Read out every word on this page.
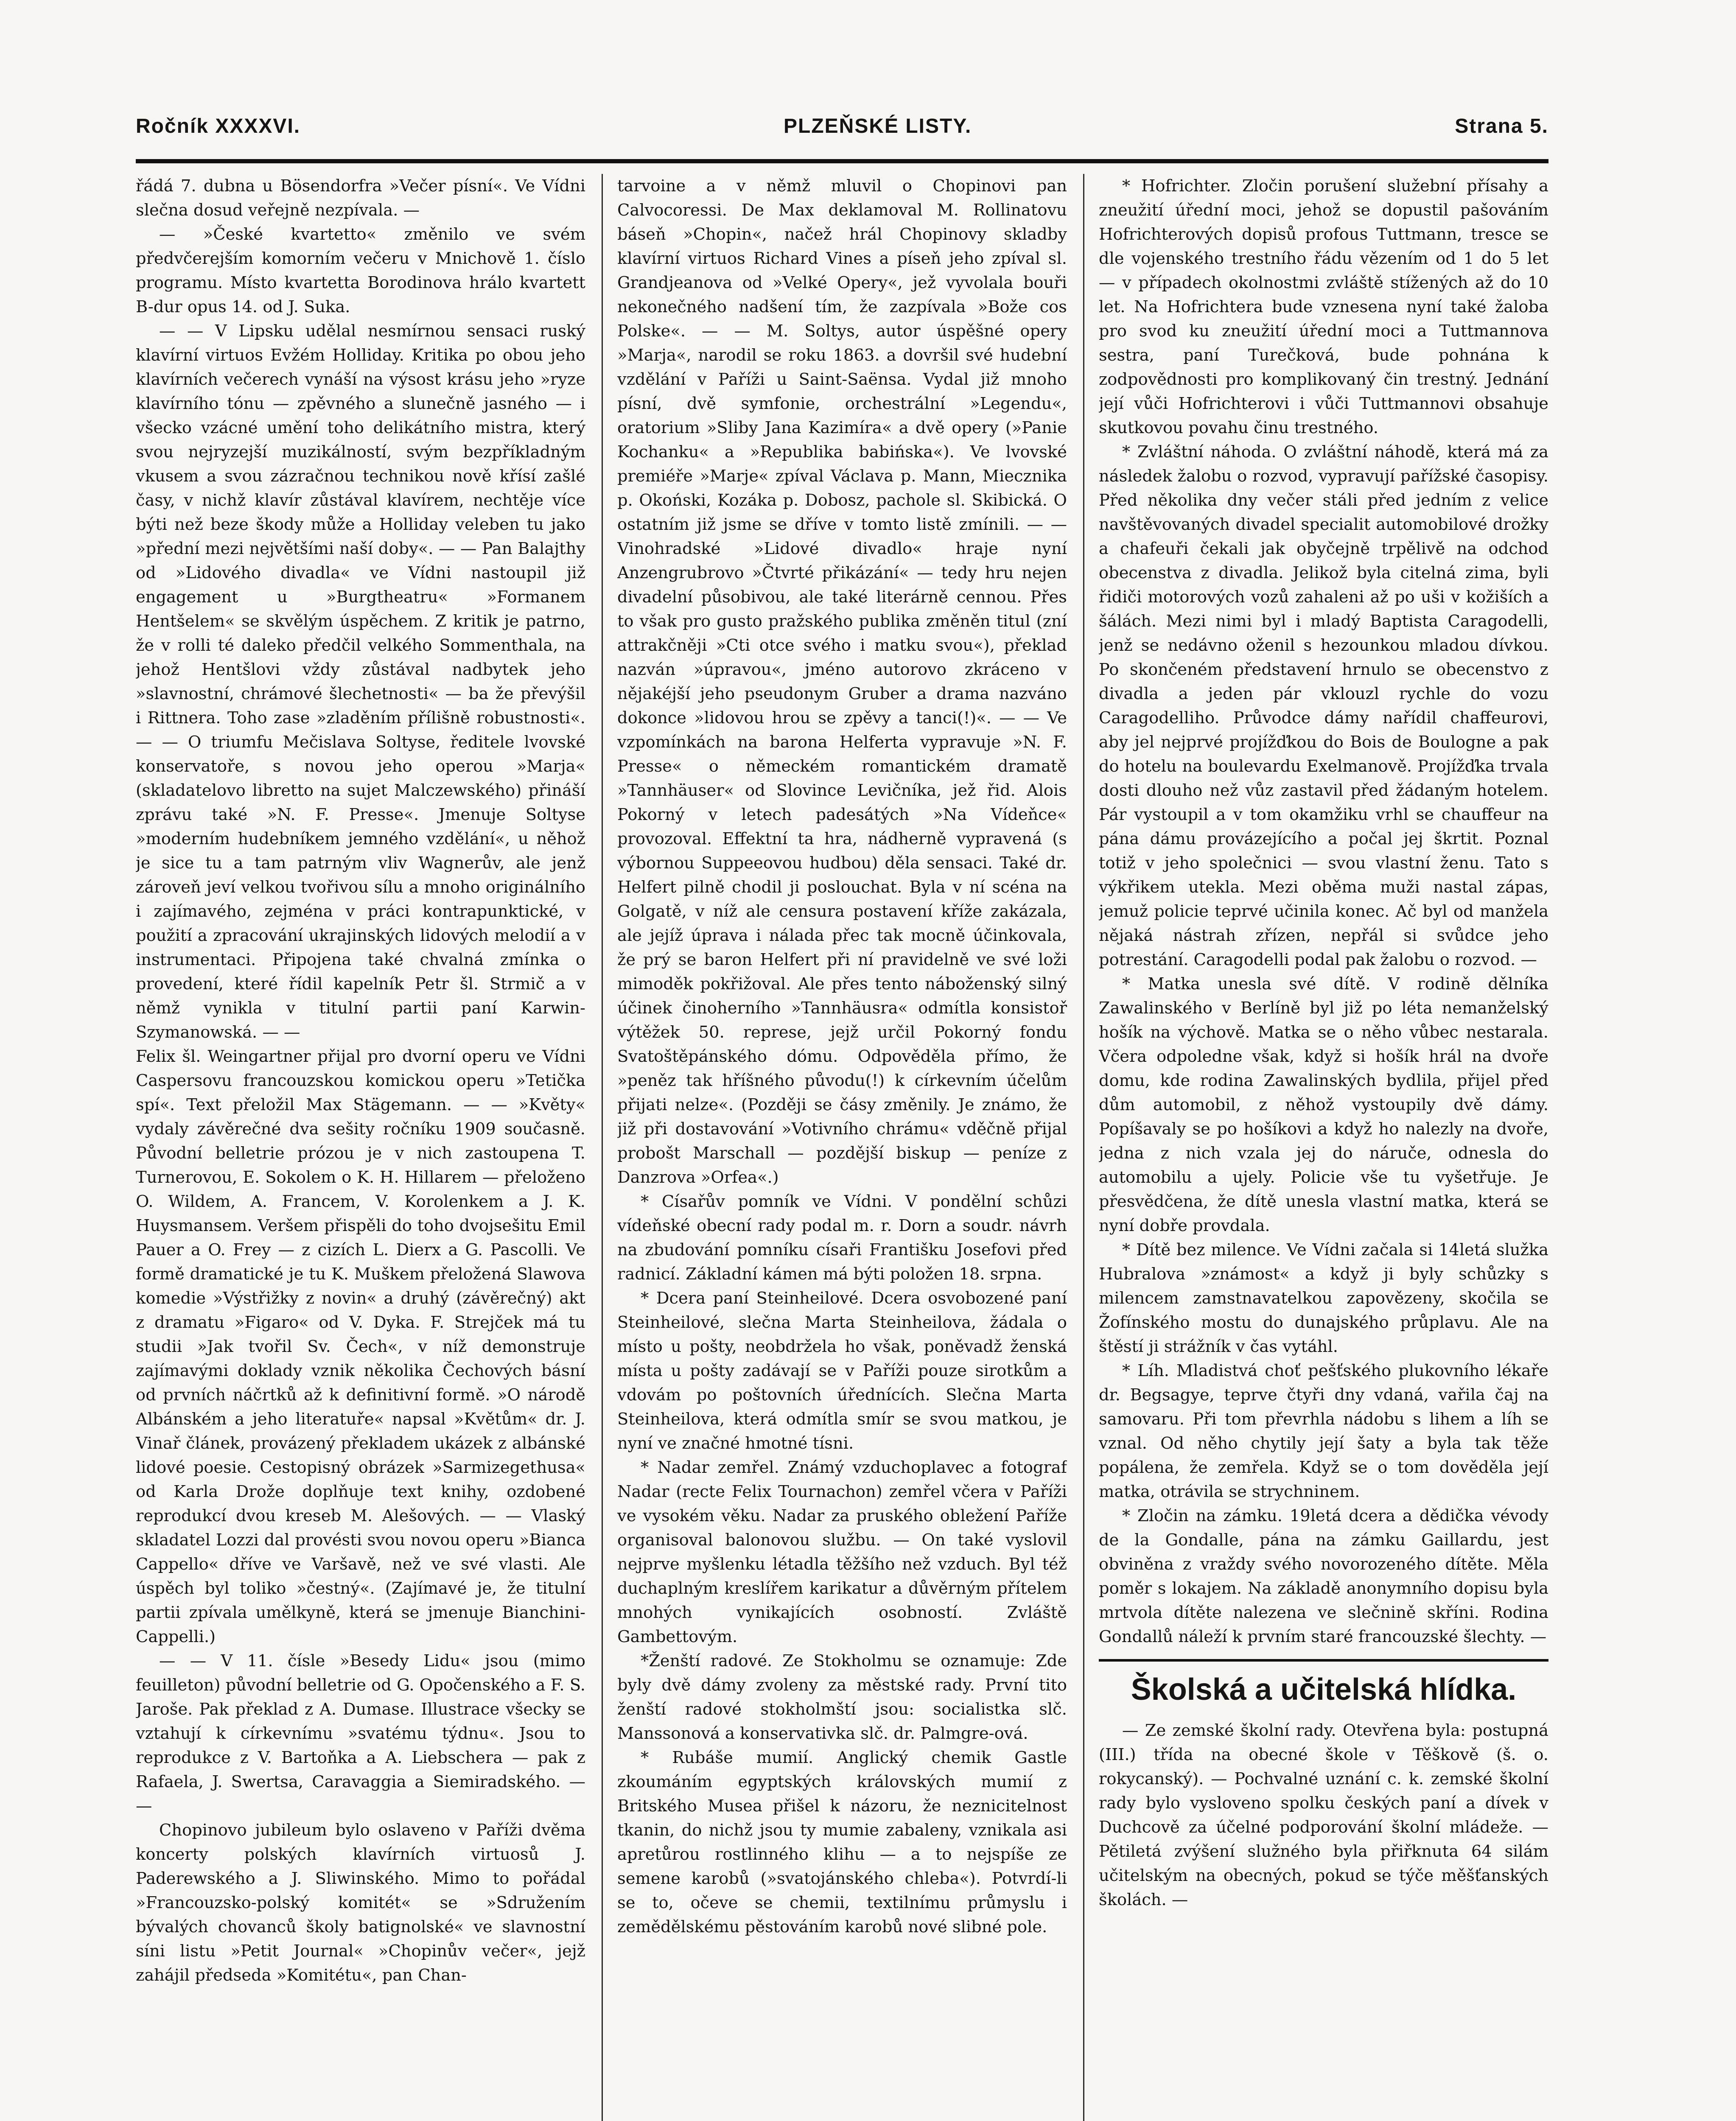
Ročník XXXXVI.	PLZEŇSKÉ LISTY.	Strana 5.

řádá 7. dubna u Bösendorfra »Večer písní«. Ve Vídni slečna dosud veřejně nezpívala. —

— »České kvartetto« změnilo ve svém předvčerejším komorním večeru v Mnichově 1. číslo programu. Místo kvartetta Borodinova hrálo kvartett B-dur opus 14. od J. Suka.

— — V Lipsku udělal nesmírnou sensaci ruský klavírní virtuos Evžém Holliday. Kritika po obou jeho klavírních večerech vynáší na výsost krásu jeho »ryze klavírního tónu — zpěvného a slunečně jasného — i všecko vzácné umění toho delikátního mistra, který svou nejryzejší muzikálností, svým bezpříkladným vkusem a svou zázračnou technikou nově křísí zašlé časy, v nichž klavír zůstával klavírem, nechtěje více býti než beze škody může a Holliday veleben tu jako »přední mezi největšími naší doby«. — — Pan Balajthy od »Lidového divadla« ve Vídni nastoupil již engagement u »Burgtheatru« »Formanem Hentšelem« se skvělým úspěchem. Z kritik je patrno, že v rolli té daleko předčil velkého Sommenthala, na jehož Hentšlovi vždy zůstával nadbytek jeho »slavnostní, chrámové šlechetnosti« — ba že převýšil i Rittnera. Toho zase »zladěním přílišně robustnosti«. — — O triumfu Mečislava Soltyse, ředitele lvovské konservatoře, s novou jeho operou »Marja« (skladatelovo libretto na sujet Malczewského) přináší zprávu také »N. F. Presse«. Jmenuje Soltyse »moderním hudebníkem jemného vzdělání«, u něhož je sice tu a tam patrným vliv Wagnerův, ale jenž zároveň jeví velkou tvořivou sílu a mnoho originálního i zajímavého, zejména v práci kontrapunktické, v použití a zpracování ukrajinských lidových melodií a v instrumentaci. Připojena také chvalná zmínka o provedení, které řídil kapelník Petr šl. Strmič a v němž vynikla v titulní partii paní Karwin-Szymanowská. — —

Felix šl. Weingartner přijal pro dvorní operu ve Vídni Caspersovu francouzskou komickou operu »Tetička spí«. Text přeložil Max Stägemann. — — »Květy« vydaly závěrečné dva sešity ročníku 1909 současně. Původní belletrie prózou je v nich zastoupena T. Turnerovou, E. Sokolem o K. H. Hillarem — přeloženo O. Wildem, A. Francem, V. Korolenkem a J. K. Huysmansem. Veršem přispěli do toho dvojsešitu Emil Pauer a O. Frey — z cizích L. Dierx a G. Pascolli. Ve formě dramatické je tu K. Muškem přeložená Slawova komedie »Výstřižky z novin« a druhý (závěrečný) akt z dramatu »Figaro« od V. Dyka. F. Strejček má tu studii »Jak tvořil Sv. Čech«, v níž demonstruje zajímavými doklady vznik několika Čechových básní od prvních náčrtků až k definitivní formě. »O národě Albánském a jeho literatuře« napsal »Květům« dr. J. Vinař článek, provázený překladem ukázek z albánské lidové poesie. Cestopisný obrázek »Sarmizegethusa« od Karla Drože doplňuje text knihy, ozdobené reprodukcí dvou kreseb M. Alešových. — — Vlaský skladatel Lozzi dal provésti svou novou operu »Bianca Cappello« dříve ve Varšavě, než ve své vlasti. Ale úspěch byl toliko »čestný«. (Zajímavé je, že titulní partii zpívala umělkyně, která se jmenuje Bianchini-Cappelli.)

— — V 11. čísle »Besedy Lidu« jsou (mimo feuilleton) původní belletrie od G. Opočenského a F. S. Jaroše. Pak překlad z A. Dumase. Illustrace všecky se vztahují k církevnímu »svatému týdnu«. Jsou to reprodukce z V. Bartoňka a A. Liebschera — pak z Rafaela, J. Swertsa, Caravaggia a Siemiradského. — —

Chopinovo jubileum bylo oslaveno v Paříži dvěma koncerty polských klavírních virtuosů J. Paderewského a J. Sliwinského. Mimo to pořádal »Francouzsko-polský komitét« se »Sdružením bývalých chovanců školy batignolské« ve slavnostní síni listu »Petit Journal« »Chopinův večer«, jejž zahájil předseda »Komitétu«, pan Chan-

tarvoine a v němž mluvil o Chopinovi pan Calvocoressi. De Max deklamoval M. Rollinatovu báseň »Chopin«, načež hrál Chopinovy skladby klavírní virtuos Richard Vines a píseň jeho zpíval sl. Grandjeanova od »Velké Opery«, jež vyvolala bouři nekonečného nadšení tím, že zazpívala »Bože cos Polske«. — — M. Soltys, autor úspěšné opery »Marja«, narodil se roku 1863. a dovršil své hudební vzdělání v Paříži u Saint-Saënsa. Vydal již mnoho písní, dvě symfonie, orchestrální »Legendu«, oratorium »Sliby Jana Kazimíra« a dvě opery (»Panie Kochanku« a »Republika babińska«). Ve lvovské premiéře »Marje« zpíval Václava p. Mann, Miecznika p. Okoński, Kozáka p. Dobosz, pachole sl. Skibická. O ostatním již jsme se dříve v tomto listě zmínili. — — Vinohradské »Lidové divadlo« hraje nyní Anzengrubrovo »Čtvrté přikázání« — tedy hru nejen divadelní působivou, ale také literárně cennou. Přes to však pro gusto pražského publika změněn titul (zní attrakčněji »Cti otce svého i matku svou«), překlad nazván »úpravou«, jméno autorovo zkráceno v nějakéjší jeho pseudonym Gruber a drama nazváno dokonce »lidovou hrou se zpěvy a tanci(!)«. — — Ve vzpomínkách na barona Helferta vypravuje »N. F. Presse« o německém romantickém dramatě »Tannhäuser« od Slovince Levičníka, jež řid. Alois Pokorný v letech padesátých »Na Vídeňce« provozoval. Effektní ta hra, nádherně vypravená (s výbornou Suppeeovou hudbou) děla sensaci. Také dr. Helfert pilně chodil ji poslouchat. Byla v ní scéna na Golgatě, v níž ale censura postavení kříže zakázala, ale jejíž úprava i nálada přec tak mocně účinkovala, že prý se baron Helfert při ní pravidelně ve své loži mimoděk pokřižoval. Ale přes tento náboženský silný účinek činoherního »Tannhäusra« odmítla konsistoř výtěžek 50. represe, jejž určil Pokorný fondu Svatoštěpánského dómu. Odpověděla přímo, že »peněz tak hříšného původu(!) k církevním účelům přijati nelze«. (Později se čásy změnily. Je známo, že již při dostavování »Votivního chrámu« vděčně přijal probošt Marschall — pozdější biskup — peníze z Danzrova »Orfea«.)

* Císařův pomník ve Vídni. V pondělní schůzi vídeňské obecní rady podal m. r. Dorn a soudr. návrh na zbudování pomníku císaři Františku Josefovi před radnicí. Základní kámen má býti položen 18. srpna.

* Dcera paní Steinheilové. Dcera osvobozené paní Steinheilové, slečna Marta Steinheilova, žádala o místo u pošty, neobdržela ho však, poněvadž ženská místa u pošty zadávají se v Paříži pouze sirotkům a vdovám po poštovních úřednících. Slečna Marta Steinheilova, která odmítla smír se svou matkou, je nyní ve značné hmotné tísni.

* Nadar zemřel. Známý vzduchoplavec a fotograf Nadar (recte Felix Tournachon) zemřel včera v Paříži ve vysokém věku. Nadar za pruského obležení Paříže organisoval balonovou službu. — On také vyslovil nejprve myšlenku létadla těžšího než vzduch. Byl též duchaplným kreslířem karikatur a důvěrným přítelem mnohých vynikajících osobností. Zvláště Gambettovým.

*Ženští radové. Ze Stokholmu se oznamuje: Zde byly dvě dámy zvoleny za městské rady. První tito ženští radové stokholmští jsou: socialistka slč. Manssonová a konservativka slč. dr. Palmgre-ová.

* Rubáše mumií. Anglický chemik Gastle zkoumáním egyptských královských mumií z Britského Musea přišel k názoru, že neznicitelnost tkanin, do nichž jsou ty mumie zabaleny, vznikala asi apretůrou rostlinného klihu — a to nejspíše ze semene karobů (»svatojánského chleba«). Potvrdí-li se to, očeve se chemii, textilnímu průmyslu i zemědělskému pěstováním karobů nové slibné pole.

* Hofrichter. Zločin porušení služební přísahy a zneužití úřední moci, jehož se dopustil pašováním Hofrichterových dopisů profous Tuttmann, tresce se dle vojenského trestního řádu vězením od 1 do 5 let — v případech okolnostmi zvláště stížených až do 10 let. Na Hofrichtera bude vznesena nyní také žaloba pro svod ku zneužití úřední moci a Tuttmannova sestra, paní Turečková, bude pohnána k zodpovědnosti pro komplikovaný čin trestný. Jednání její vůči Hofrichterovi i vůči Tuttmannovi obsahuje skutkovou povahu činu trestného.

* Zvláštní náhoda. O zvláštní náhodě, která má za následek žalobu o rozvod, vypravují pařížské časopisy. Před několika dny večer stáli před jedním z velice navštěvovaných divadel specialit automobilové drožky a chafeuři čekali jak obyčejně trpělivě na odchod obecenstva z divadla. Jelikož byla citelná zima, byli řidiči motorových vozů zahaleni až po uši v kožiších a šálách. Mezi nimi byl i mladý Baptista Caragodelli, jenž se nedávno oženil s hezounkou mladou dívkou. Po skončeném představení hrnulo se obecenstvo z divadla a jeden pár vklouzl rychle do vozu Caragodelliho. Průvodce dámy nařídil chaffeurovi, aby jel nejprvé projížďkou do Bois de Boulogne a pak do hotelu na boulevardu Exelmanově. Projížďka trvala dosti dlouho než vůz zastavil před žádaným hotelem. Pár vystoupil a v tom okamžiku vrhl se chauffeur na pána dámu provázejícího a počal jej škrtit. Poznal totiž v jeho společnici — svou vlastní ženu. Tato s výkřikem utekla. Mezi oběma muži nastal zápas, jemuž policie teprvé učinila konec. Ač byl od manžela nějaká nástrah zřízen, nepřál si svůdce jeho potrestání. Caragodelli podal pak žalobu o rozvod. —

* Matka unesla své dítě. V rodině dělníka Zawalinského v Berlíně byl již po léta nemanželský hošík na výchově. Matka se o něho vůbec nestarala. Včera odpoledne však, když si hošík hrál na dvoře domu, kde rodina Zawalinských bydlila, přijel před dům automobil, z něhož vystoupily dvě dámy. Popíšavaly se po hošíkovi a když ho nalezly na dvoře, jedna z nich vzala jej do náruče, odnesla do automobilu a ujely. Policie vše tu vyšetřuje. Je přesvědčena, že dítě unesla vlastní matka, která se nyní dobře provdala.

* Dítě bez milence. Ve Vídni začala si 14letá služka Hubralova »známost« a když ji byly schůzky s milencem zamstnavatelkou zapovězeny, skočila se Žofínského mostu do dunajského průplavu. Ale na štěstí ji strážník v čas vytáhl.

* Líh. Mladistvá choť pešťského plukovního lékaře dr. Begsagye, teprve čtyři dny vdaná, vařila čaj na samovaru. Při tom převrhla nádobu s lihem a líh se vznal. Od něho chytily její šaty a byla tak těže popálena, že zemřela. Když se o tom dověděla její matka, otrávila se strychninem.

* Zločin na zámku. 19letá dcera a dědička vévody de la Gondalle, pána na zámku Gaillardu, jest obviněna z vraždy svého novorozeného dítěte. Měla poměr s lokajem. Na základě anonymního dopisu byla mrtvola dítěte nalezena ve slečnině skříni. Rodina Gondallů náleží k prvním staré francouzské šlechty. —

Školská a učitelská hlídka.

— Ze zemské školní rady. Otevřena byla: postupná (III.) třída na obecné škole v Těškově (š. o. rokycanský). — Pochvalné uznání c. k. zemské školní rady bylo vysloveno spolku českých paní a dívek v Duchcově za účelné podporování školní mládeže. — Pětiletá zvýšení služného byla přiřknuta 64 silám učitelským na obecných, pokud se týče měšťanských školách. —
